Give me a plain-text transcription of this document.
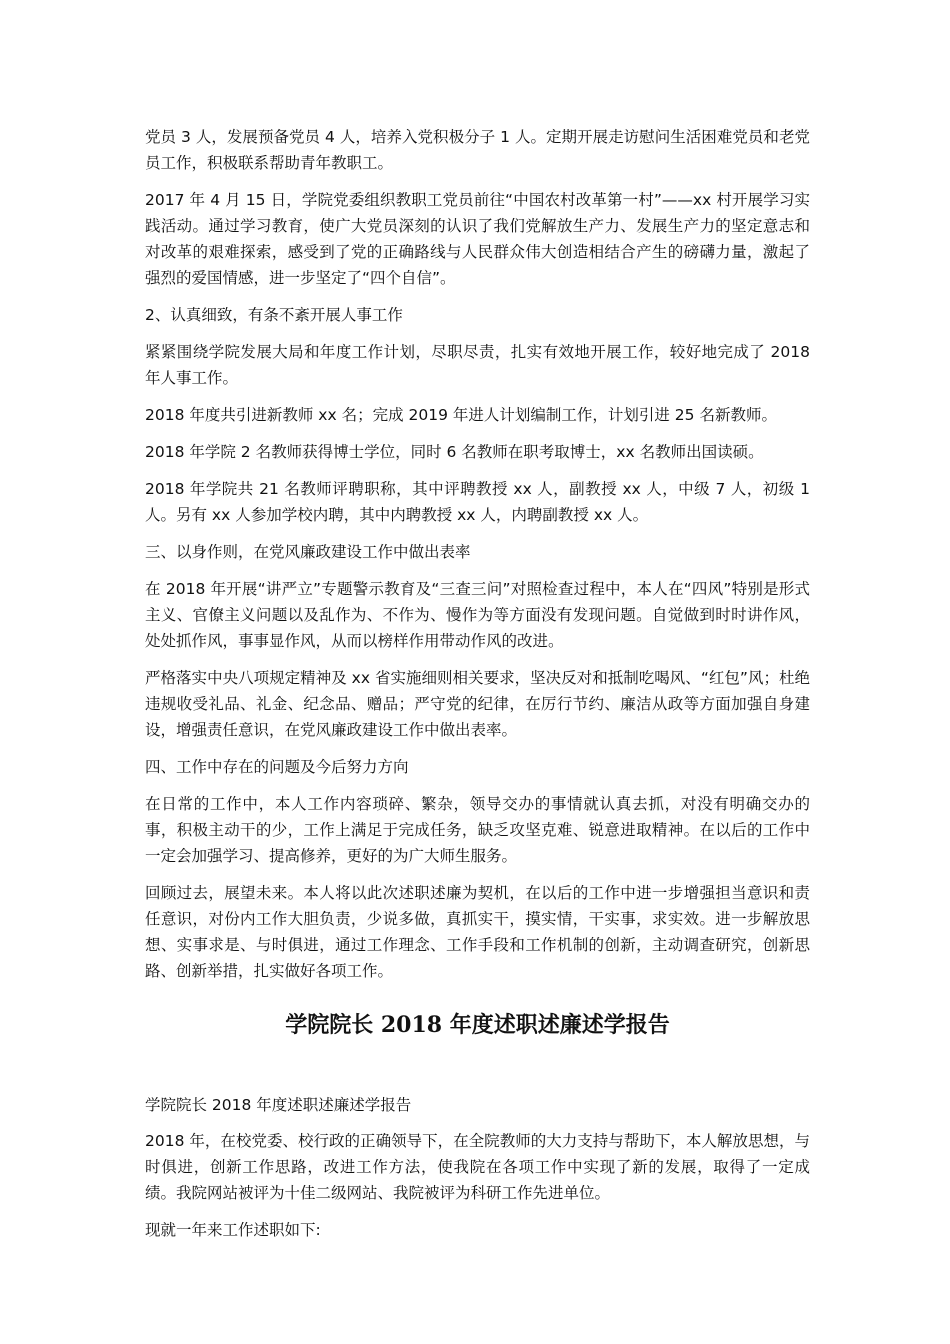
党员 3 人，发展预备党员 4 人，培养入党积极分子 1 人。定期开展走访慰问生活困难党员和老党员工作，积极联系帮助青年教职工。

2017 年 4 月 15 日，学院党委组织教职工党员前往“中国农村改革第一村”——xx 村开展学习实践活动。通过学习教育，使广大党员深刻的认识了我们党解放生产力、发展生产力的坚定意志和对改革的艰难探索，感受到了党的正确路线与人民群众伟大创造相结合产生的磅礴力量，激起了强烈的爱国情感，进一步坚定了“四个自信”。

2、认真细致，有条不紊开展人事工作

紧紧围绕学院发展大局和年度工作计划，尽职尽责，扎实有效地开展工作，较好地完成了 2018 年人事工作。

2018 年度共引进新教师 xx 名；完成 2019 年进人计划编制工作，计划引进 25 名新教师。

2018 年学院 2 名教师获得博士学位，同时 6 名教师在职考取博士，xx 名教师出国读硕。

2018 年学院共 21 名教师评聘职称，其中评聘教授 xx 人，副教授 xx 人，中级 7 人，初级 1 人。另有 xx 人参加学校内聘，其中内聘教授 xx 人，内聘副教授 xx 人。

三、以身作则，在党风廉政建设工作中做出表率

在 2018 年开展“讲严立”专题警示教育及“三查三问”对照检查过程中，本人在“四风”特别是形式主义、官僚主义问题以及乱作为、不作为、慢作为等方面没有发现问题。自觉做到时时讲作风，处处抓作风，事事显作风，从而以榜样作用带动作风的改进。

严格落实中央八项规定精神及 xx 省实施细则相关要求，坚决反对和抵制吃喝风、“红包”风；杜绝违规收受礼品、礼金、纪念品、赠品；严守党的纪律，在厉行节约、廉洁从政等方面加强自身建设，增强责任意识，在党风廉政建设工作中做出表率。

四、工作中存在的问题及今后努力方向

在日常的工作中，本人工作内容琐碎、繁杂，领导交办的事情就认真去抓，对没有明确交办的事，积极主动干的少，工作上满足于完成任务，缺乏攻坚克难、锐意进取精神。在以后的工作中一定会加强学习、提高修养，更好的为广大师生服务。

回顾过去，展望未来。本人将以此次述职述廉为契机，在以后的工作中进一步增强担当意识和责任意识，对份内工作大胆负责，少说多做，真抓实干，摸实情，干实事，求实效。进一步解放思想、实事求是、与时俱进，通过工作理念、工作手段和工作机制的创新，主动调查研究，创新思路、创新举措，扎实做好各项工作。

学院院长 2018 年度述职述廉述学报告

学院院长 2018 年度述职述廉述学报告

2018 年，在校党委、校行政的正确领导下，在全院教师的大力支持与帮助下，本人解放思想，与时俱进，创新工作思路，改进工作方法，使我院在各项工作中实现了新的发展，取得了一定成绩。我院网站被评为十佳二级网站、我院被评为科研工作先进单位。

现就一年来工作述职如下:
